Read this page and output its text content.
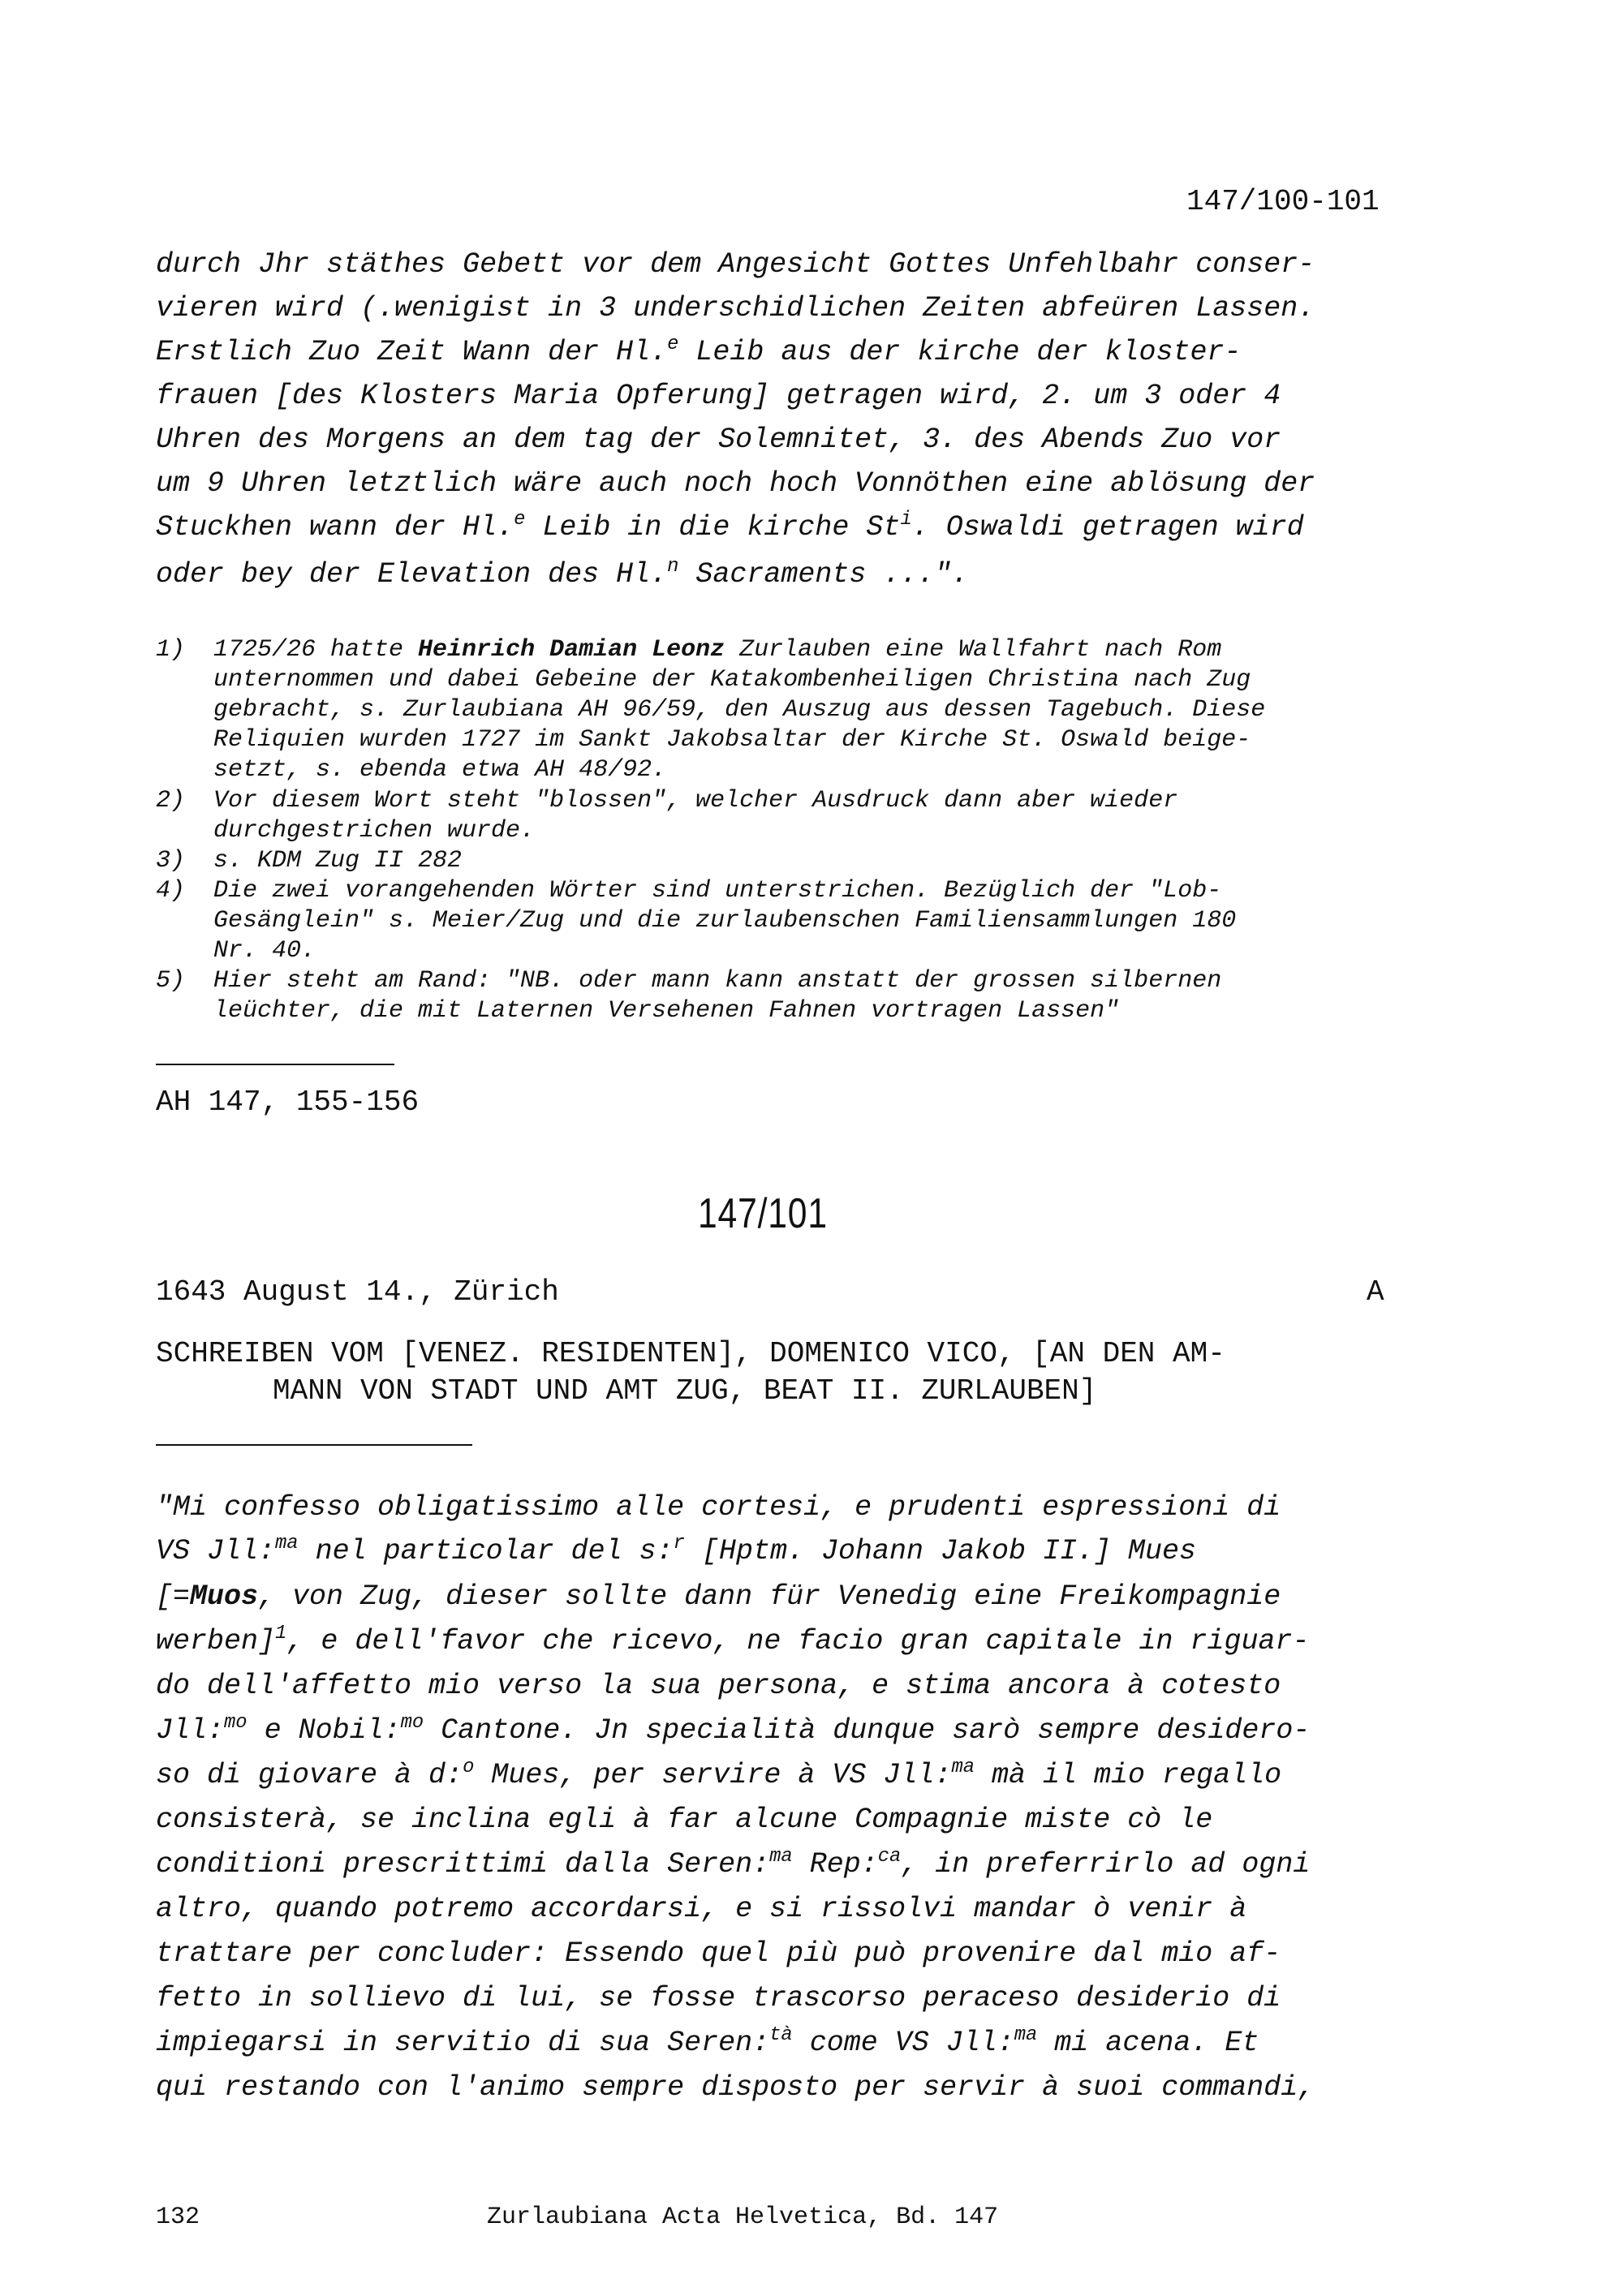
147/100-101
durch Jhr stäthes Gebett vor dem Angesicht Gottes Unfehlbahr conser-
vieren wird (.wenigist in 3 underschidlichen Zeiten abfeüren Lassen.
Erstlich Zuo Zeit Wann der Hl.$^e$ Leib aus der kirche der kloster-
frauen [des Klosters Maria Opferung] getragen wird, 2. um 3 oder 4
Uhren des Morgens an dem tag der Solemnitet, 3. des Abends Zuo vor
um 9 Uhren letztlich wäre auch noch hoch Vonnöthen eine ablösung der
Stuckhen wann der Hl.$^e$ Leib in die kirche St$^i$. Oswaldi getragen wird
oder bey der Elevation des Hl.$^n$ Sacraments ...".
1) 1725/26 hatte Heinrich Damian Leonz Zurlauben eine Wallfahrt nach Rom
unternommen und dabei Gebeine der Katakombenheiligen Christina nach Zug
gebracht, s. Zurlaubiana AH 96/59, den Auszug aus dessen Tagebuch. Diese
Reliquien wurden 1727 im Sankt Jakobsaltar der Kirche St. Oswald beige-
setzt, s. ebenda etwa AH 48/92.
2) Vor diesem Wort steht "blossen", welcher Ausdruck dann aber wieder
durchgestrichen wurde.
3) s. KDM Zug II 282
4) Die zwei vorangehenden Wörter sind unterstrichen. Bezüglich der "Lob-
Gesänglein" s. Meier/Zug und die zurlaubenschen Familiensammlungen 180
Nr. 40.
5) Hier steht am Rand: "NB. oder mann kann anstatt der grossen silbernen
leüchter, die mit Laternen Versehenen Fahnen vortragen Lassen"
AH 147, 155-156
147/101
1643 August 14., Zürich	A
SCHREIBEN VOM [VENEZ. RESIDENTEN], DOMENICO VICO, [AN DEN AM-
MANN VON STADT UND AMT ZUG, BEAT II. ZURLAUBEN]
"Mi confesso obligatissimo alle cortesi, e prudenti espressioni di
VS Jll:$^{ma}$ nel particolar del s:$^r$ [Hptm. Johann Jakob II.] Mues
[=Muos, von Zug, dieser sollte dann für Venedig eine Freikompagnie
werben]$^1$, e dell'favor che ricevo, ne facio gran capitale in riguar-
do dell'affetto mio verso la sua persona, e stima ancora à cotesto
Jll:$^{mo}$ e Nobil:$^{mo}$ Cantone. Jn specialità dunque sarò sempre desidero-
so di giovare à d:$^o$ Mues, per servire à VS Jll:$^{ma}$ mà il mio regallo
consisterà, se inclina egli à far alcune Compagnie miste cò le
conditioni prescrittimi dalla Seren:$^{ma}$ Rep:$^{ca}$, in preferrirlo ad ogni
altro, quando potremo accordarsi, e si rissolvi mandar ò venir à
trattare per concluder: Essendo quel più può provenire dal mio af-
fetto in sollievo di lui, se fosse trascorso peraceso desiderio di
impiegarsi in servitio di sua Seren:$^{tà}$ come VS Jll:$^{ma}$ mi acena. Et
qui restando con l'animo sempre disposto per servir à suoi commandi,
132	Zurlaubiana Acta Helvetica, Bd. 147
